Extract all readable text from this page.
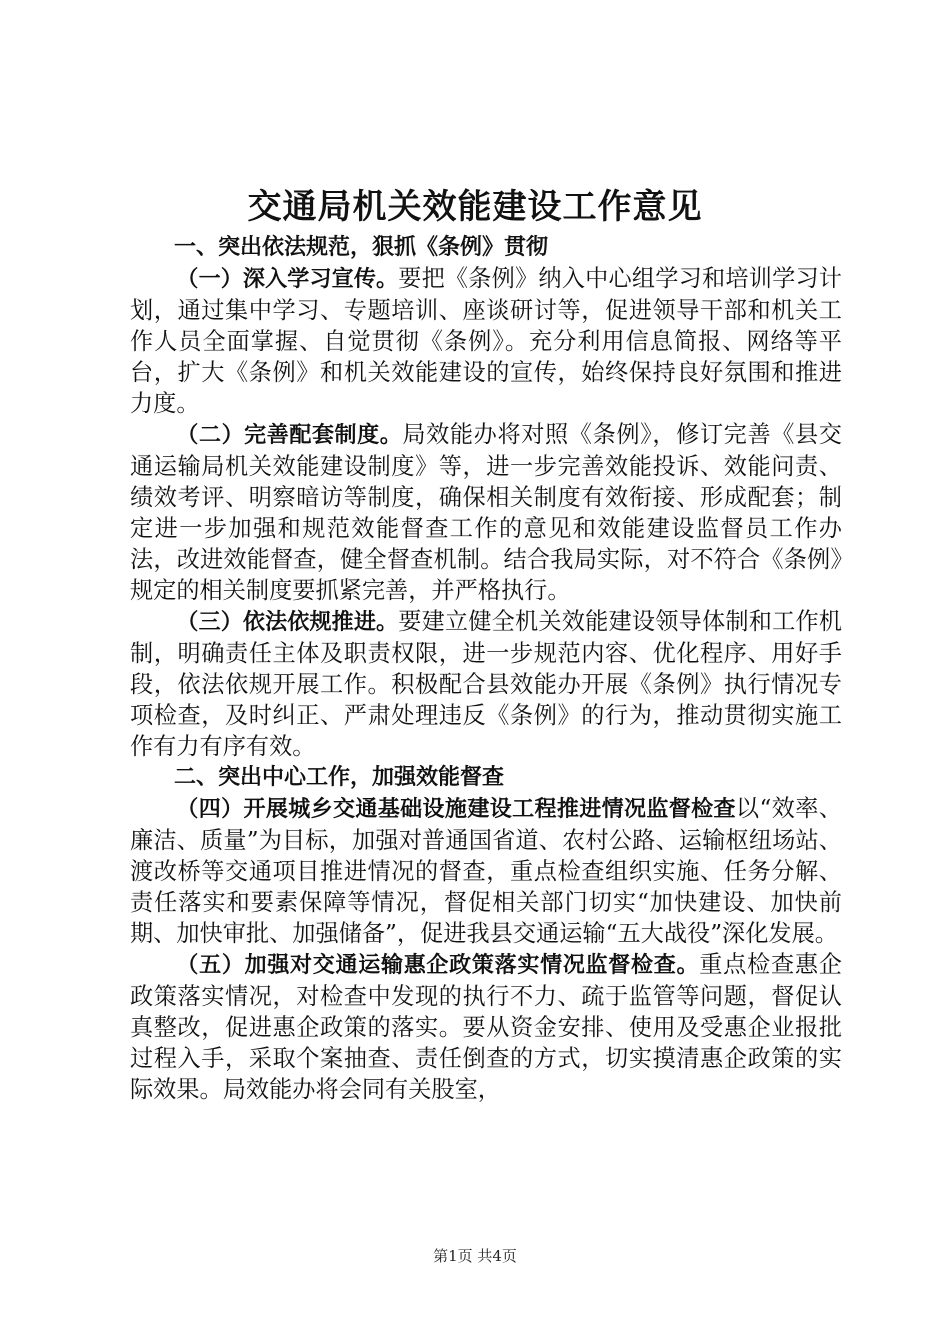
交通局机关效能建设工作意见

一、突出依法规范，狠抓《条例》贯彻

（一）深入学习宣传。要把《条例》纳入中心组学习和培训学习计划，通过集中学习、专题培训、座谈研讨等，促进领导干部和机关工作人员全面掌握、自觉贯彻《条例》。充分利用信息简报、网络等平台，扩大《条例》和机关效能建设的宣传，始终保持良好氛围和推进力度。

（二）完善配套制度。局效能办将对照《条例》，修订完善《县交通运输局机关效能建设制度》等，进一步完善效能投诉、效能问责、绩效考评、明察暗访等制度，确保相关制度有效衔接、形成配套；制定进一步加强和规范效能督查工作的意见和效能建设监督员工作办法，改进效能督查，健全督查机制。结合我局实际，对不符合《条例》规定的相关制度要抓紧完善，并严格执行。

（三）依法依规推进。要建立健全机关效能建设领导体制和工作机制，明确责任主体及职责权限，进一步规范内容、优化程序、用好手段，依法依规开展工作。积极配合县效能办开展《条例》执行情况专项检查，及时纠正、严肃处理违反《条例》的行为，推动贯彻实施工作有力有序有效。

二、突出中心工作，加强效能督查

（四）开展城乡交通基础设施建设工程推进情况监督检查以“效率、廉洁、质量”为目标，加强对普通国省道、农村公路、运输枢纽场站、渡改桥等交通项目推进情况的督查，重点检查组织实施、任务分解、责任落实和要素保障等情况，督促相关部门切实“加快建设、加快前期、加快审批、加强储备”，促进我县交通运输“五大战役”深化发展。

（五）加强对交通运输惠企政策落实情况监督检查。重点检查惠企政策落实情况，对检查中发现的执行不力、疏于监管等问题，督促认真整改，促进惠企政策的落实。要从资金安排、使用及受惠企业报批过程入手，采取个案抽查、责任倒查的方式，切实摸清惠企政策的实际效果。局效能办将会同有关股室，

第1页 共4页
